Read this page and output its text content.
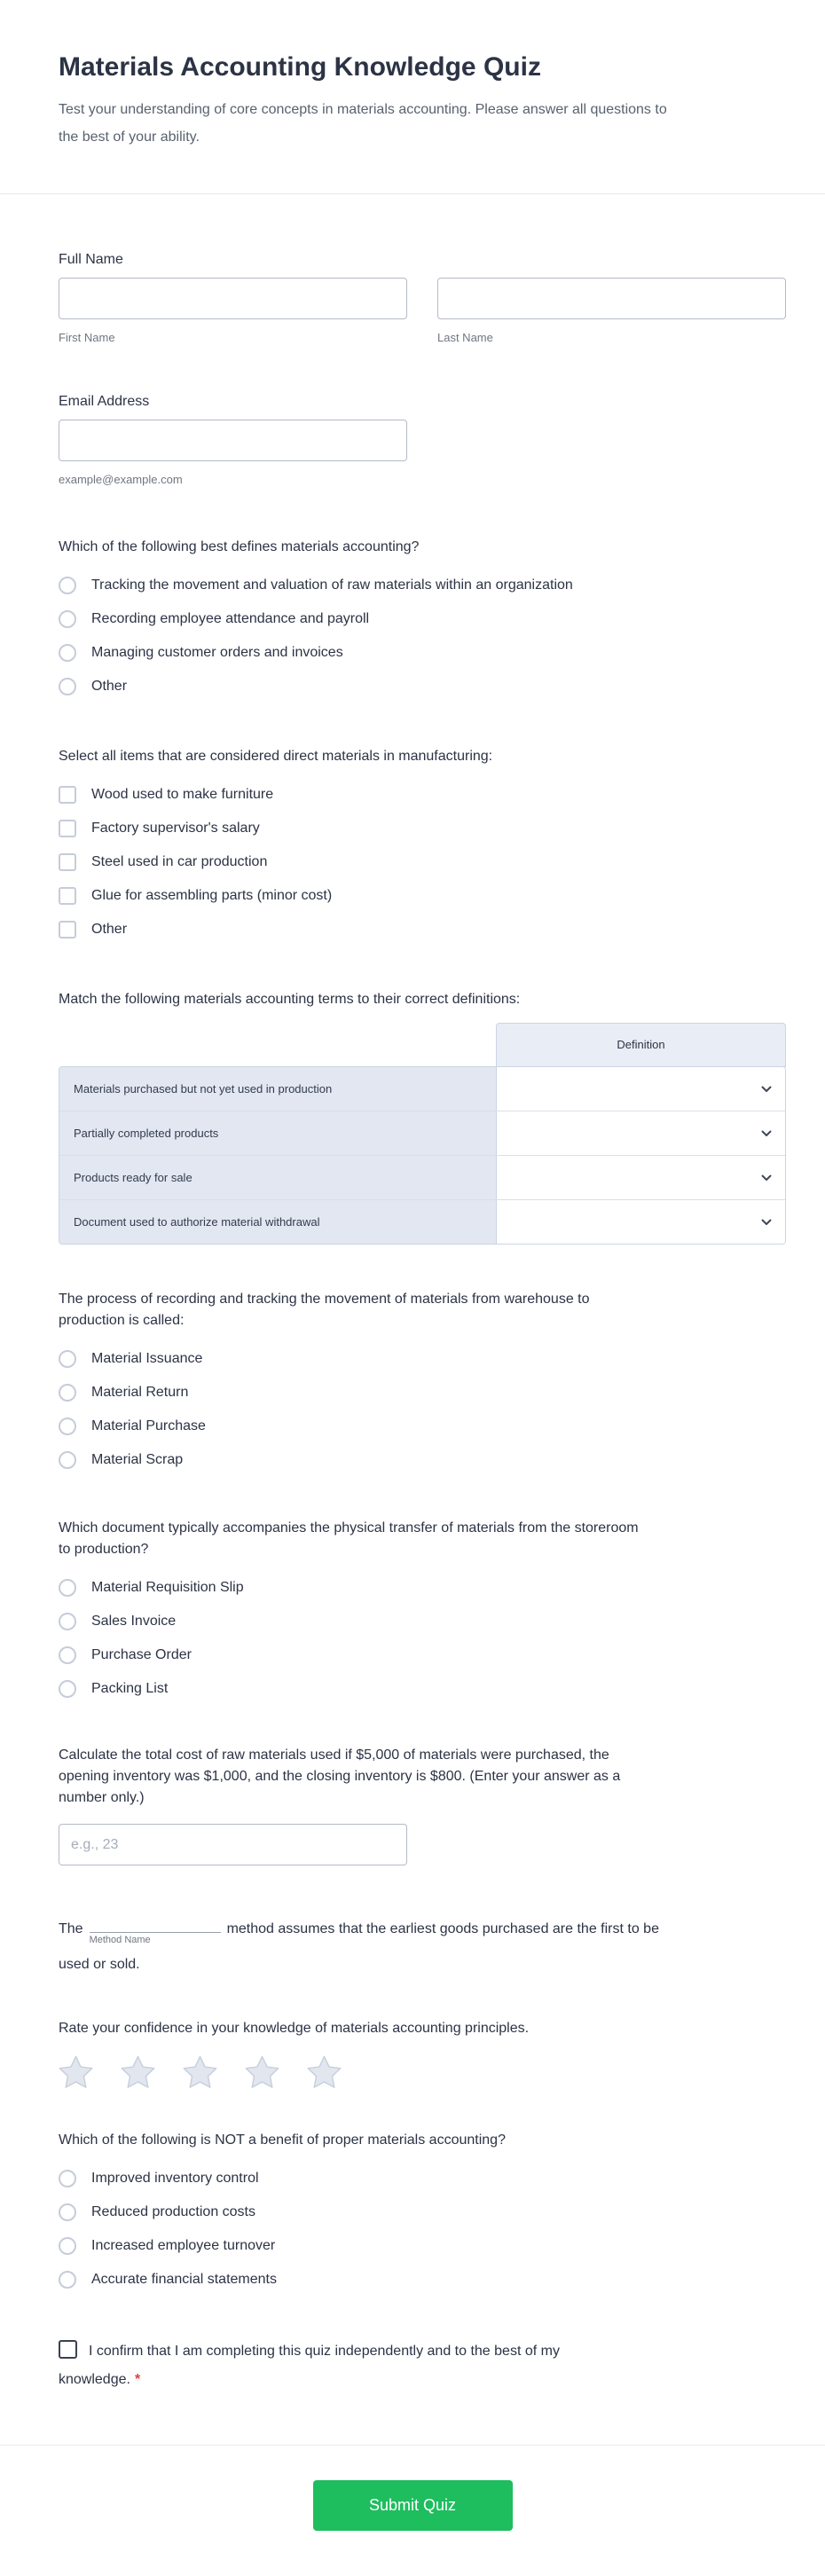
Materials Accounting Knowledge Quiz

Test your understanding of core concepts in materials accounting. Please answer all questions to the best of your ability.

Full Name
First Name	Last Name
Email Address
example@example.com
Which of the following best defines materials accounting?
Tracking the movement and valuation of raw materials within an organization
Recording employee attendance and payroll
Managing customer orders and invoices
Other
Select all items that are considered direct materials in manufacturing:
Wood used to make furniture
Factory supervisor's salary
Steel used in car production
Glue for assembling parts (minor cost)
Other
Match the following materials accounting terms to their correct definitions:
Definition
Materials purchased but not yet used in production
Partially completed products
Products ready for sale
Document used to authorize material withdrawal
The process of recording and tracking the movement of materials from warehouse to production is called:
Material Issuance
Material Return
Material Purchase
Material Scrap
Which document typically accompanies the physical transfer of materials from the storeroom to production?
Material Requisition Slip
Sales Invoice
Purchase Order
Packing List
Calculate the total cost of raw materials used if $5,000 of materials were purchased, the opening inventory was $1,000, and the closing inventory is $800. (Enter your answer as a number only.)
e.g., 23

The
Method Name
method assumes that the earliest goods purchased are the first to be used or sold.

Rate your confidence in your knowledge of materials accounting principles.
Which of the following is NOT a benefit of proper materials accounting?
Improved inventory control
Reduced production costs
Increased employee turnover
Accurate financial statements

I confirm that I am completing this quiz independently and to the best of my knowledge. *

Submit Quiz
